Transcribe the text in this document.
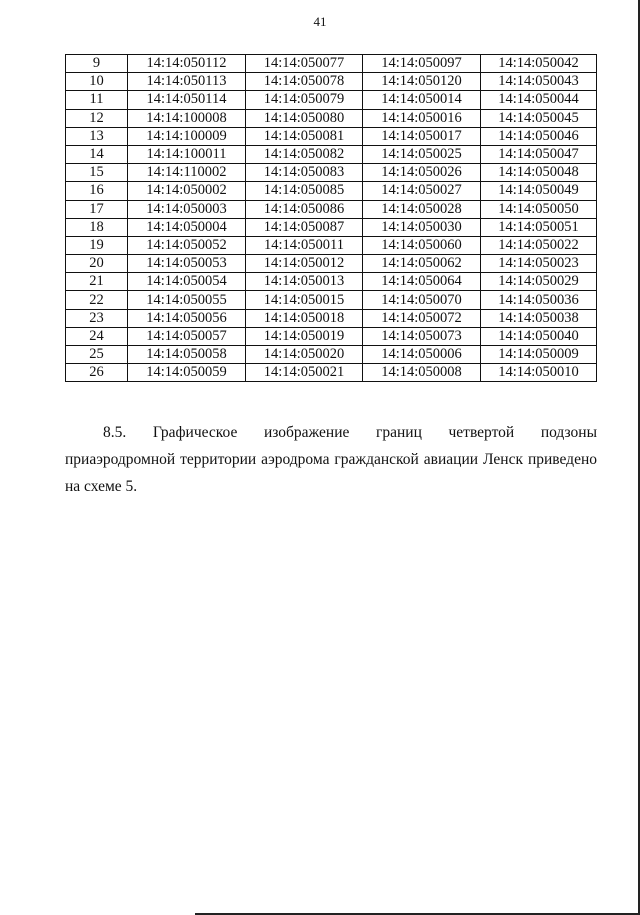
41
9	14:14:050112	14:14:050077	14:14:050097	14:14:050042
10	14:14:050113	14:14:050078	14:14:050120	14:14:050043
11	14:14:050114	14:14:050079	14:14:050014	14:14:050044
12	14:14:100008	14:14:050080	14:14:050016	14:14:050045
13	14:14:100009	14:14:050081	14:14:050017	14:14:050046
14	14:14:100011	14:14:050082	14:14:050025	14:14:050047
15	14:14:110002	14:14:050083	14:14:050026	14:14:050048
16	14:14:050002	14:14:050085	14:14:050027	14:14:050049
17	14:14:050003	14:14:050086	14:14:050028	14:14:050050
18	14:14:050004	14:14:050087	14:14:050030	14:14:050051
19	14:14:050052	14:14:050011	14:14:050060	14:14:050022
20	14:14:050053	14:14:050012	14:14:050062	14:14:050023
21	14:14:050054	14:14:050013	14:14:050064	14:14:050029
22	14:14:050055	14:14:050015	14:14:050070	14:14:050036
23	14:14:050056	14:14:050018	14:14:050072	14:14:050038
24	14:14:050057	14:14:050019	14:14:050073	14:14:050040
25	14:14:050058	14:14:050020	14:14:050006	14:14:050009
26	14:14:050059	14:14:050021	14:14:050008	14:14:050010

8.5. Графическое изображение границ четвертой подзоны приаэродромной территории аэродрома гражданской авиации Ленск приведено на схеме 5.
